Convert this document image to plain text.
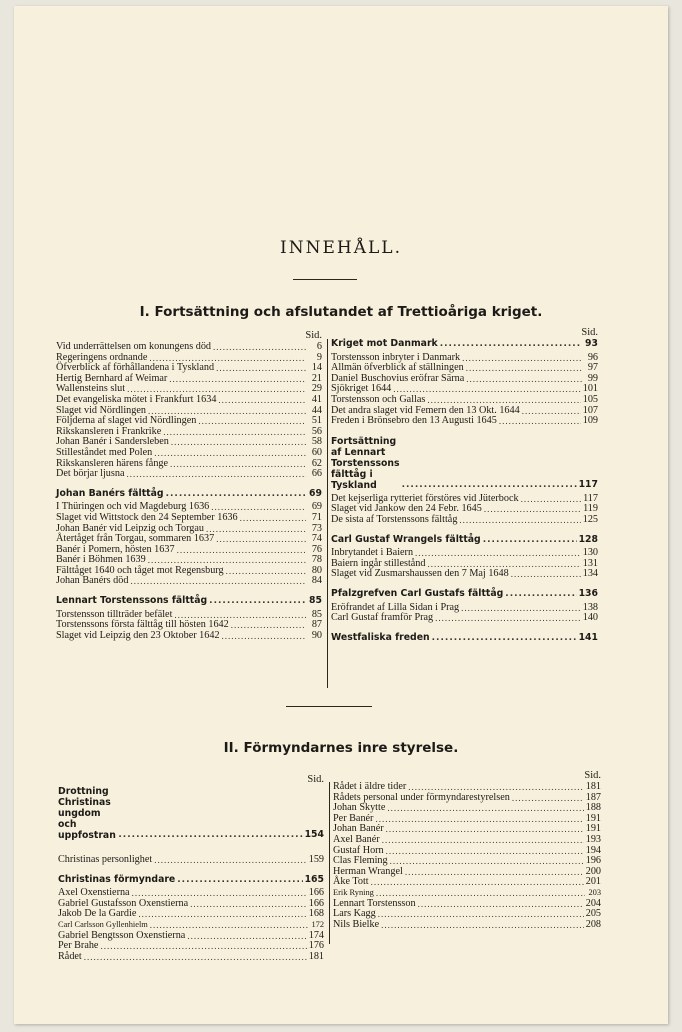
INNEHÅLL.
I. Fortsättning och afslutandet af Trettioåriga kriget.
Sid.
Vid underrättelsen om konungens död .....	6
Regeringens ordnande .....	9
Öfverblick af förhållandena i Tyskland .....	14
Hertig Bernhard af Weimar .....	21
Wallensteins slut .....	29
Det evangeliska mötet i Frankfurt 1634 .....	41
Slaget vid Nördlingen .....	44
Följderna af slaget vid Nördlingen .....	51
Rikskansleren i Frankrike .....	56
Johan Banér i Sandersleben .....	58
Stilleståndet med Polen .....	60
Rikskansleren härens fånge .....	62
Det börjar ljusna .....	66
Johan Banérs fälttåg .....	69
I Thüringen och vid Magdeburg 1636 .....	69
Slaget vid Wittstock den 24 September 1636 .....	71
Johan Banér vid Leipzig och Torgau .....	73
Återtåget från Torgau, sommaren 1637 .....	74
Banér i Pomern, hösten 1637 .....	76
Banér i Böhmen 1639 .....	78
Fälttåget 1640 och tåget mot Regensburg .....	80
Johan Banérs död .....	84
Lennart Torstenssons fälttåg .....	85
Torstensson tillträder befälet .....	85
Torstenssons första fälttåg till hösten 1642 .....	87
Slaget vid Leipzig den 23 Oktober 1642 .....	90
Sid.
Kriget mot Danmark .....	93
Torstensson inbryter i Danmark .....	96
Allmän öfverblick af ställningen .....	97
Daniel Buschovius eröfrar Särna .....	99
Sjökriget 1644 .....	101
Torstensson och Gallas .....	105
Det andra slaget vid Femern den 13 Okt. 1644 .....	107
Freden i Brönsebro den 13 Augusti 1645 .....	109
Fortsättning af Lennart Torstenssons fälttåg i Tyskland .....	117
Det kejserliga rytteriet förstöres vid Jüterbock .....	117
Slaget vid Jankow den 24 Febr. 1645 .....	119
De sista af Torstenssons fälttåg .....	125
Carl Gustaf Wrangels fälttåg .....	128
Inbrytandet i Baiern .....	130
Baiern ingår stillestånd .....	131
Slaget vid Zusmarshaussen den 7 Maj 1648 .....	134
Pfalzgrefven Carl Gustafs fälttåg .....	136
Eröfrandet af Lilla Sidan i Prag .....	138
Carl Gustaf framför Prag .....	140
Westfaliska freden .....	141
II. Förmyndarnes inre styrelse.
Sid.
Drottning Christinas ungdom och uppfostran .....	154
Christinas personlighet .....	159
Christinas förmyndare .....	165
Axel Oxenstierna .....	166
Gabriel Gustafsson Oxenstierna .....	166
Jakob De la Gardie .....	168
Carl Carlsson Gyllenhielm .....	172
Gabriel Bengtsson Oxenstierna .....	174
Per Brahe .....	176
Rådet .....	181
Sid.
Rådet i äldre tider .....	181
Rådets personal under förmyndarestyrelsen .....	187
Johan Skytte .....	188
Per Banér .....	191
Johan Banér .....	191
Axel Banér .....	193
Gustaf Horn .....	194
Clas Fleming .....	196
Herman Wrangel .....	200
Åke Tott .....	201
Erik Ryning .....	203
Lennart Torstensson .....	204
Lars Kagg .....	205
Nils Bielke .....	208
